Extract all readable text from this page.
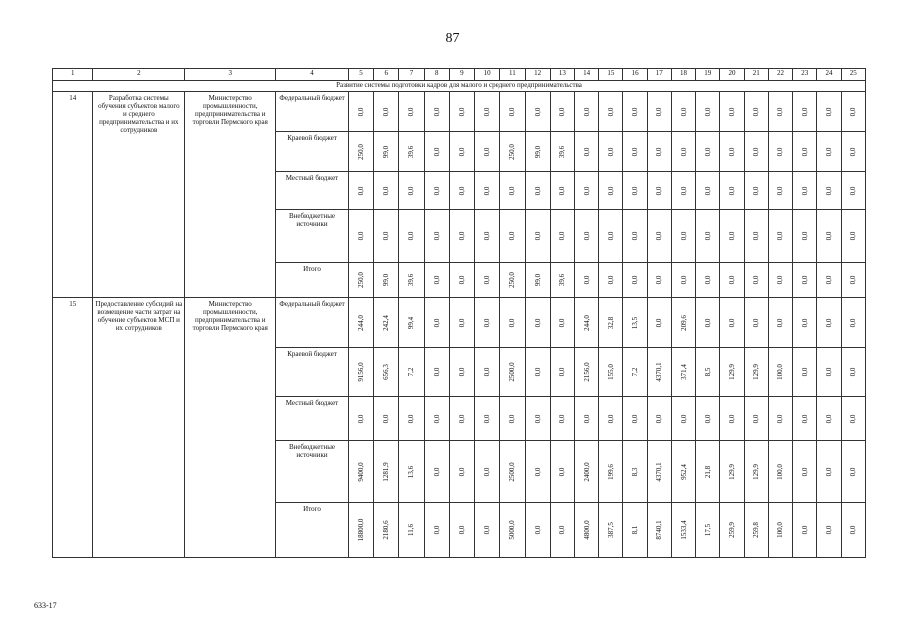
87
1	2	3	4	5	6	7	8	9	10	11	12	13	14	15	16	17	18	19	20	21	22	23	24	25
Развитие системы подготовки кадров для малого и среднего предпринимательства																								
14	Разработка системы обучения субъектов малого и среднего предпринимательства и их сотрудников	Министерство промышленности, предпринимательства и торговли Пермского края	Федеральный бюджет	0,0	0,0	0,0	0,0	0,0	0,0	0,0	0,0	0,0	0,0	0,0	0,0	0,0	0,0	0,0	0,0	0,0	0,0	0,0	0,0	0,0

			Краевой бюджет	250,0	99,0	39,6	0,0	0,0	0,0	250,0	99,0	39,6	0,0	0,0	0,0	0,0	0,0	0,0	0,0	0,0	0,0	0,0	0,0	0,0

			Местный бюджет	0,0	0,0	0,0	0,0	0,0	0,0	0,0	0,0	0,0	0,0	0,0	0,0	0,0	0,0	0,0	0,0	0,0	0,0	0,0	0,0	0,0

			Внебюджетные источники	0,0	0,0	0,0	0,0	0,0	0,0	0,0	0,0	0,0	0,0	0,0	0,0	0,0	0,0	0,0	0,0	0,0	0,0	0,0	0,0	0,0

			Итого	250,0	99,0	39,6	0,0	0,0	0,0	250,0	99,0	39,6	0,0	0,0	0,0	0,0	0,0	0,0	0,0	0,0	0,0	0,0	0,0	0,0

15	Предоставление субсидий на возмещение части затрат на обучение субъектов МСП и их сотрудников	Министерство промышленности, предпринимательства и торговли Пермского края	Федеральный бюджет	244,0	242,4	99,4	0,0	0,0	0,0	0,0	0,0	0,0	244,0	32,8	13,5	0,0	209,6	0,0	0,0	0,0	0,0	0,0	0,0	0,0

			Краевой бюджет	9156,0	656,3	7,2	0,0	0,0	0,0	2500,0	0,0	0,0	2156,0	155,0	7,2	4370,1	371,4	8,5	129,9	129,9	100,0	0,0	0,0	0,0

			Местный бюджет	0,0	0,0	0,0	0,0	0,0	0,0	0,0	0,0	0,0	0,0	0,0	0,0	0,0	0,0	0,0	0,0	0,0	0,0	0,0	0,0	0,0

			Внебюджетные источники	9400,0	1281,9	13,6	0,0	0,0	0,0	2500,0	0,0	0,0	2400,0	199,6	8,3	4370,1	952,4	21,8	129,9	129,9	100,0	0,0	0,0	0,0

			Итого	18800,0	2180,6	11,6	0,0	0,0	0,0	5000,0	0,0	0,0	4800,0	387,5	8,1	8740,1	1533,4	17,5	259,9	259,8	100,0	0,0	0,0	0,0
633-17
